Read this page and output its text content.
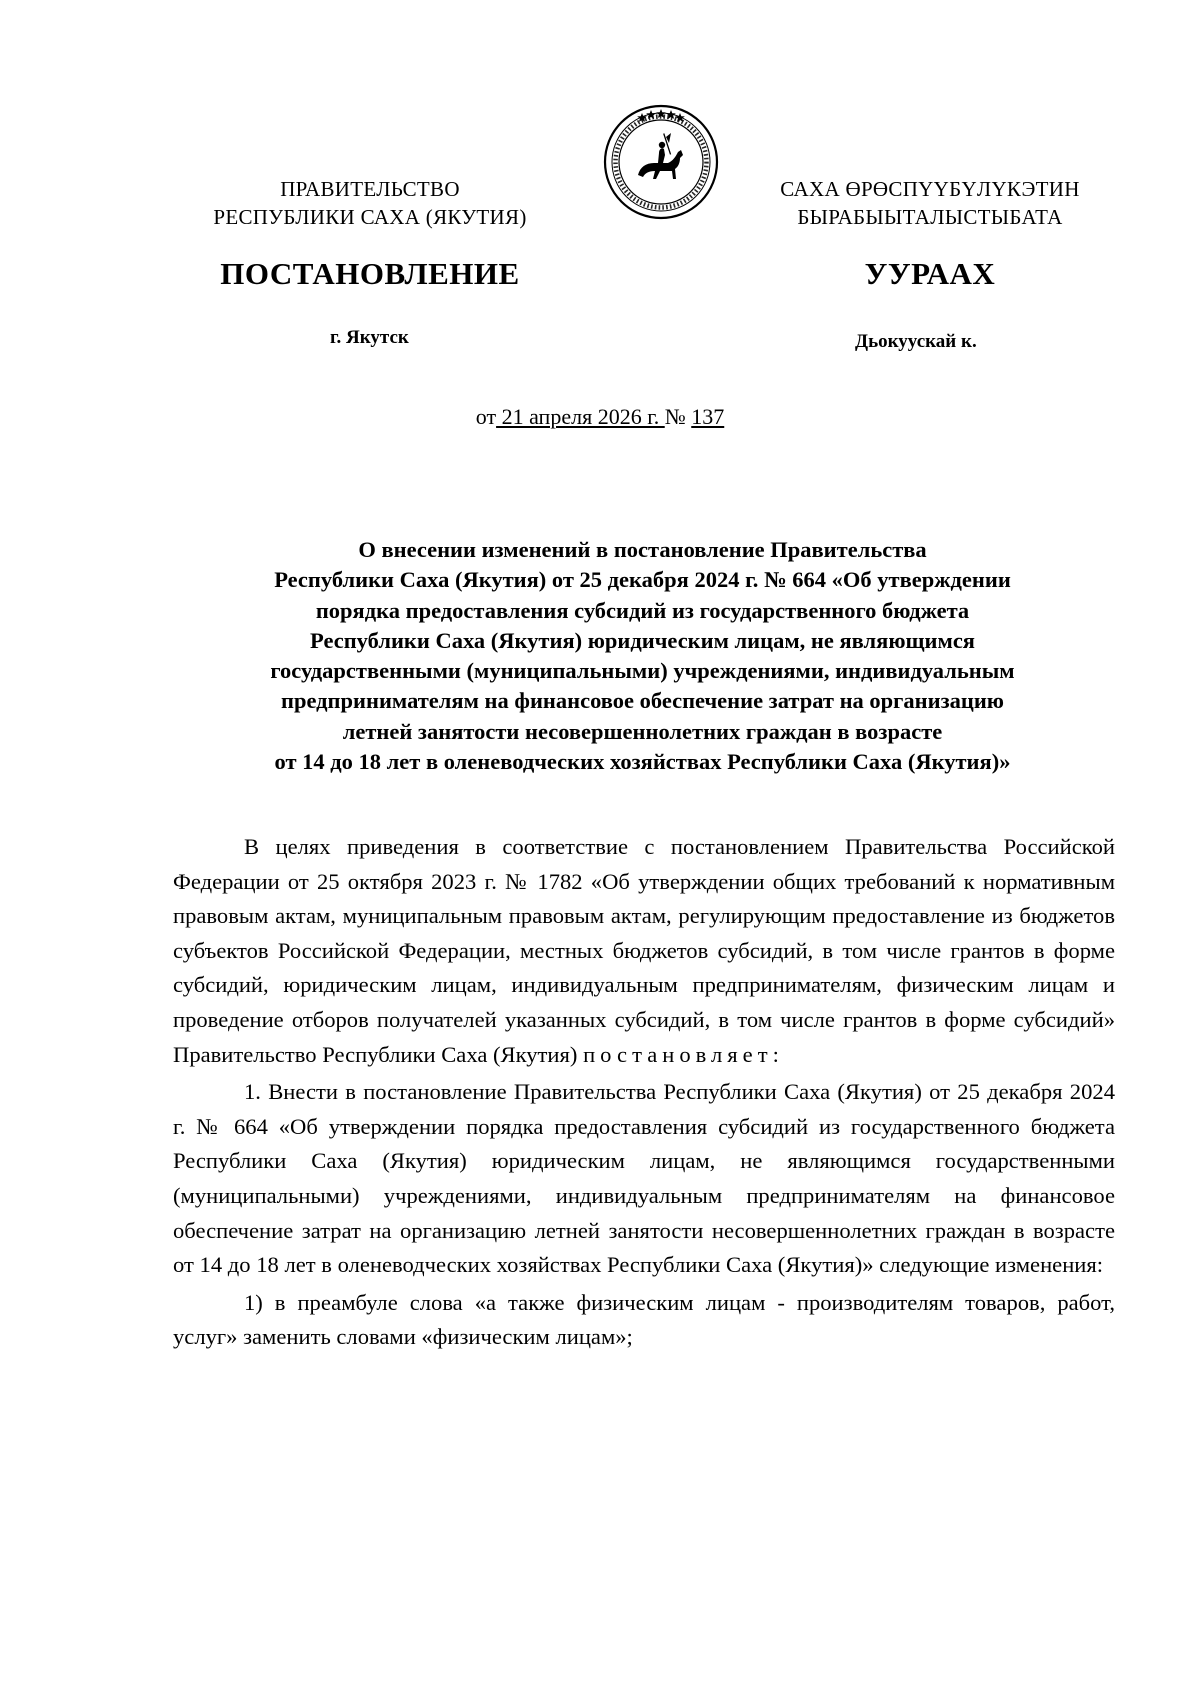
ПРАВИТЕЛЬСТВО
РЕСПУБЛИКИ САХА (ЯКУТИЯ)
САХА ӨРӨСПҮҮБҮЛҮКЭТИН
БЫРАБЫЫТАЛЫСТЫБАТА
ПОСТАНОВЛЕНИЕ	УУРААХ
г. Якутск	Дьокуускай к.
от 21 апреля 2026 г. № 137
О внесении изменений в постановление Правительства
Республики Саха (Якутия) от 25 декабря 2024 г. № 664 «Об утверждении
порядка предоставления субсидий из государственного бюджета
Республики Саха (Якутия) юридическим лицам, не являющимся
государственными (муниципальными) учреждениями, индивидуальным
предпринимателям на финансовое обеспечение затрат на организацию
летней занятости несовершеннолетних граждан в возрасте
от 14 до 18 лет в оленеводческих хозяйствах Республики Саха (Якутия)»

В целях приведения в соответствие с постановлением Правительства Российской Федерации от 25 октября 2023 г. № 1782 «Об утверждении общих требований к нормативным правовым актам, муниципальным правовым актам, регулирующим предоставление из бюджетов субъектов Российской Федерации, местных бюджетов субсидий, в том числе грантов в форме субсидий, юридическим лицам, индивидуальным предпринимателям, физическим лицам и проведение отборов получателей указанных субсидий, в том числе грантов в форме субсидий» Правительство Республики Саха (Якутия) постановляет:

1. Внести в постановление Правительства Республики Саха (Якутия) от 25 декабря 2024 г. № 664 «Об утверждении порядка предоставления субсидий из государственного бюджета Республики Саха (Якутия) юридическим лицам, не являющимся государственными (муниципальными) учреждениями, индивидуальным предпринимателям на финансовое обеспечение затрат на организацию летней занятости несовершеннолетних граждан в возрасте от 14 до 18 лет в оленеводческих хозяйствах Республики Саха (Якутия)» следующие изменения:

1) в преамбуле слова «а также физическим лицам - производителям товаров, работ, услуг» заменить словами «физическим лицам»;
